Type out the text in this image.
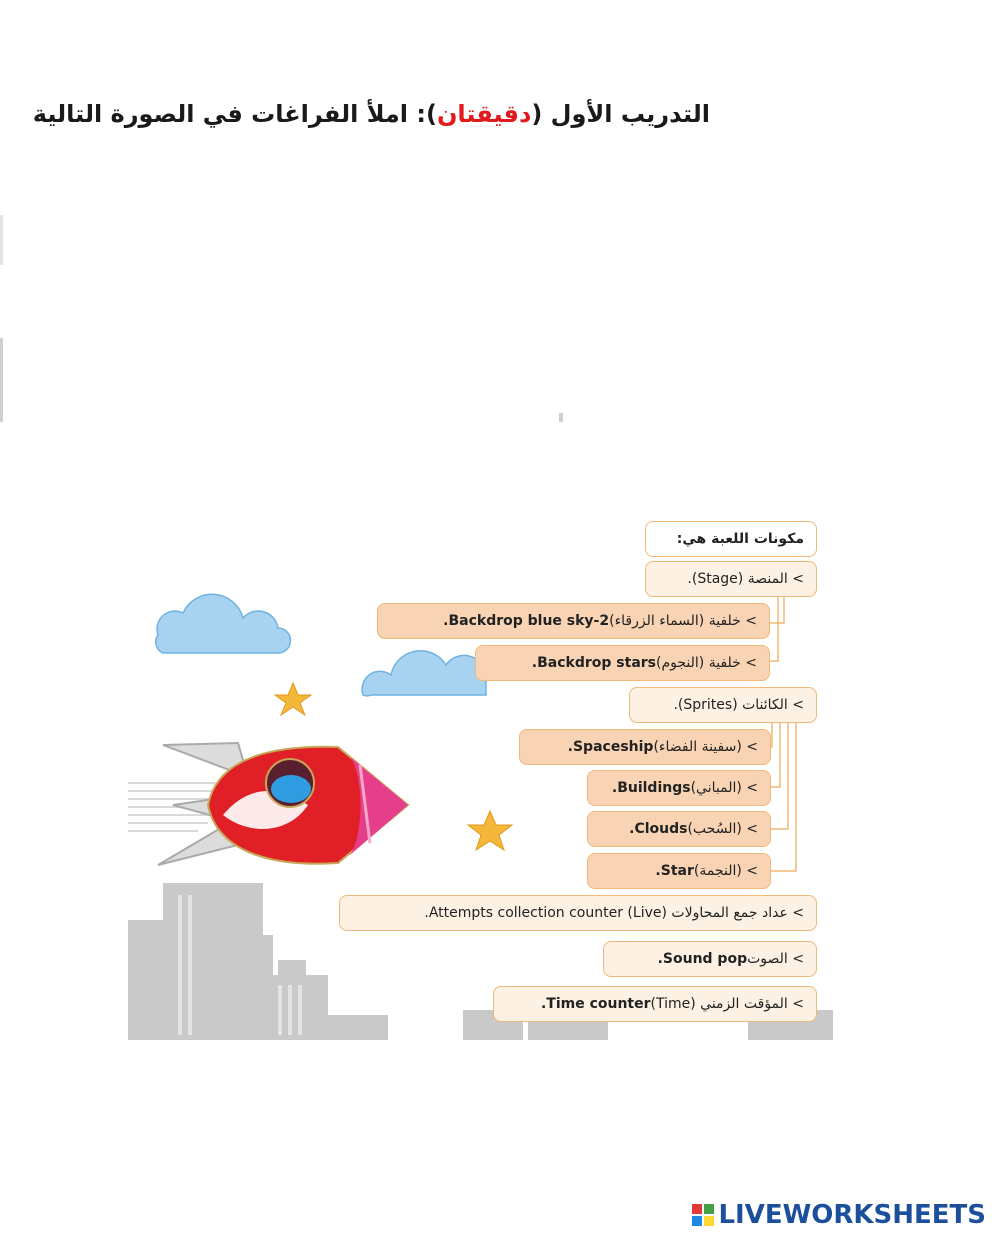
التدريب الأول (دقيقتان): املأ الفراغات في الصورة التالية
مكونات اللعبة هي:
> المنصة (Stage).
> خلفية (السماء الزرقاء)
Backdrop blue sky-2.
> خلفية (النجوم)
Backdrop stars.
> الكائنات (Sprites).
> (سفينة الفضاء)
Spaceship.
> (المباني)
Buildings.
> (السُحب)
Clouds.
> (النجمة)
Star.
> عداد جمع المحاولات (Live) Attempts collection counter.
> الصوت
Sound pop.
> المؤقت الزمني (Time)
Time counter.
LIVEWORKSHEETS
